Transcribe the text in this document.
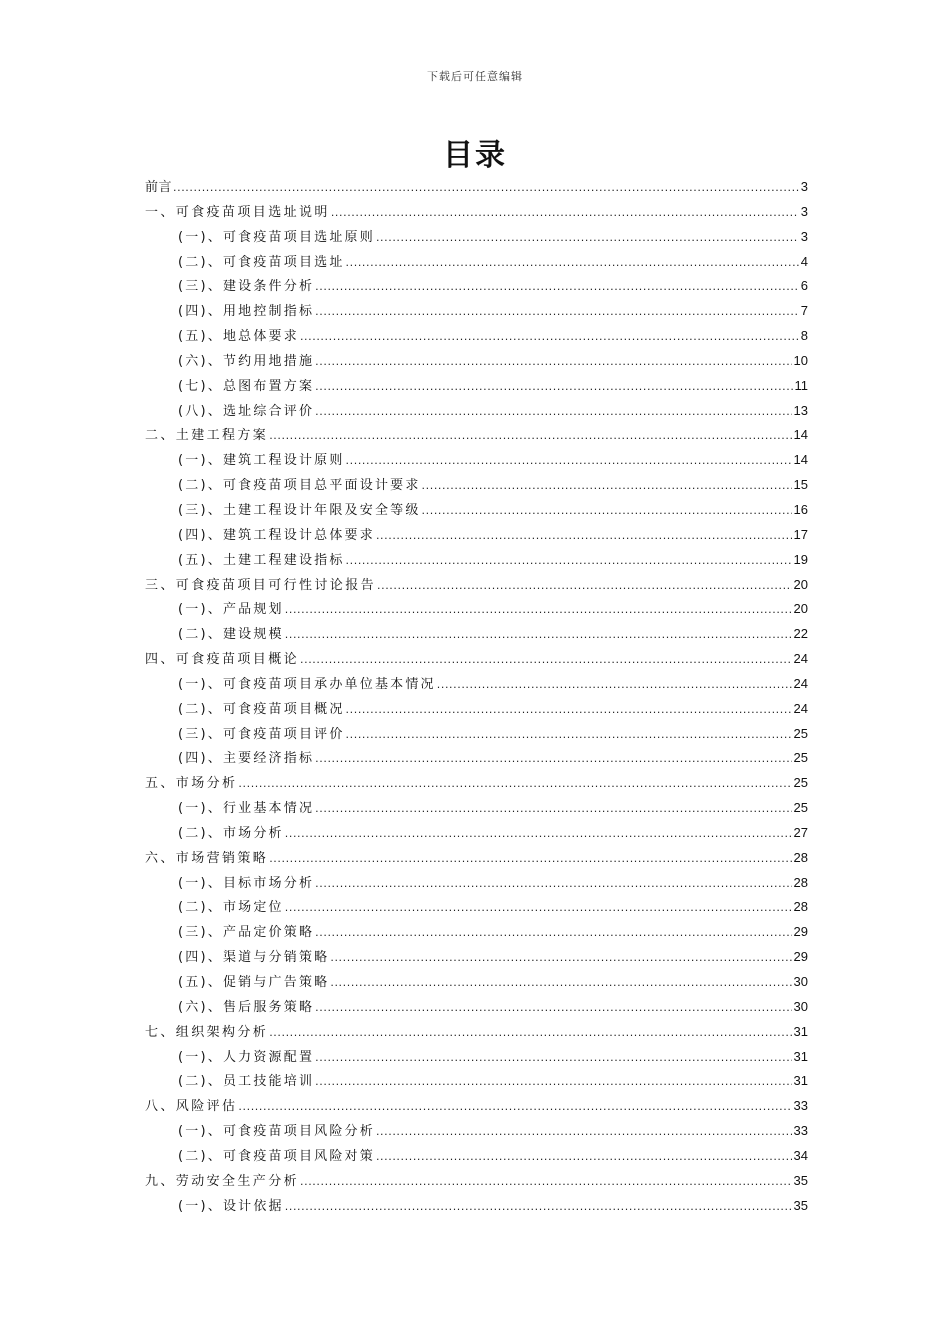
下载后可任意编辑
目录
前言 .....	3
一、可食疫苗项目选址说明 .....	3
(一)、可食疫苗项目选址原则 .....	3
(二)、可食疫苗项目选址 .....	4
(三)、建设条件分析 .....	6
(四)、用地控制指标 .....	7
(五)、地总体要求 .....	8
(六)、节约用地措施 .....	10
(七)、总图布置方案 .....	11
(八)、选址综合评价 .....	13
二、土建工程方案 .....	14
(一)、建筑工程设计原则 .....	14
(二)、可食疫苗项目总平面设计要求 .....	15
(三)、土建工程设计年限及安全等级 .....	16
(四)、建筑工程设计总体要求 .....	17
(五)、土建工程建设指标 .....	19
三、可食疫苗项目可行性讨论报告 .....	20
(一)、产品规划 .....	20
(二)、建设规模 .....	22
四、可食疫苗项目概论 .....	24
(一)、可食疫苗项目承办单位基本情况 .....	24
(二)、可食疫苗项目概况 .....	24
(三)、可食疫苗项目评价 .....	25
(四)、主要经济指标 .....	25
五、市场分析 .....	25
(一)、行业基本情况 .....	25
(二)、市场分析 .....	27
六、市场营销策略 .....	28
(一)、目标市场分析 .....	28
(二)、市场定位 .....	28
(三)、产品定价策略 .....	29
(四)、渠道与分销策略 .....	29
(五)、促销与广告策略 .....	30
(六)、售后服务策略 .....	30
七、组织架构分析 .....	31
(一)、人力资源配置 .....	31
(二)、员工技能培训 .....	31
八、风险评估 .....	33
(一)、可食疫苗项目风险分析 .....	33
(二)、可食疫苗项目风险对策 .....	34
九、劳动安全生产分析 .....	35
(一)、设计依据 .....	35
